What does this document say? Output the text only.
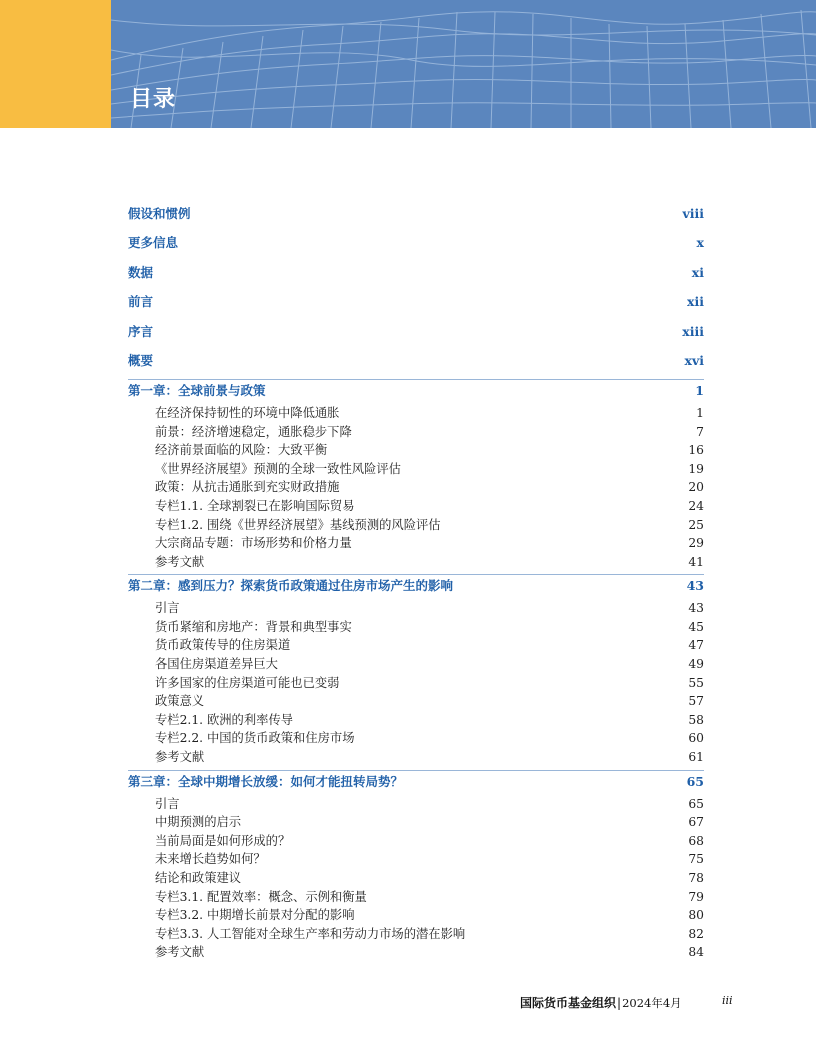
目录
假设和惯例	viii
更多信息	x
数据	xi
前言	xii
序言	xiii
概要	xvi
第一章：全球前景与政策	1
在经济保持韧性的环境中降低通胀	1
前景：经济增速稳定，通胀稳步下降	7
经济前景面临的风险：大致平衡	16
《世界经济展望》预测的全球一致性风险评估	19
政策：从抗击通胀到充实财政措施	20
专栏1.1. 全球割裂已在影响国际贸易	24
专栏1.2. 围绕《世界经济展望》基线预测的风险评估	25
大宗商品专题：市场形势和价格力量	29
参考文献	41
第二章：感到压力？探索货币政策通过住房市场产生的影响	43
引言	43
货币紧缩和房地产：背景和典型事实	45
货币政策传导的住房渠道	47
各国住房渠道差异巨大	49
许多国家的住房渠道可能也已变弱	55
政策意义	57
专栏2.1. 欧洲的利率传导	58
专栏2.2. 中国的货币政策和住房市场	60
参考文献	61
第三章：全球中期增长放缓：如何才能扭转局势？	65
引言	65
中期预测的启示	67
当前局面是如何形成的？	68
未来增长趋势如何？	75
结论和政策建议	78
专栏3.1. 配置效率：概念、示例和衡量	79
专栏3.2. 中期增长前景对分配的影响	80
专栏3.3. 人工智能对全球生产率和劳动力市场的潜在影响	82
参考文献	84
国际货币基金组织|2024年4月	iii
